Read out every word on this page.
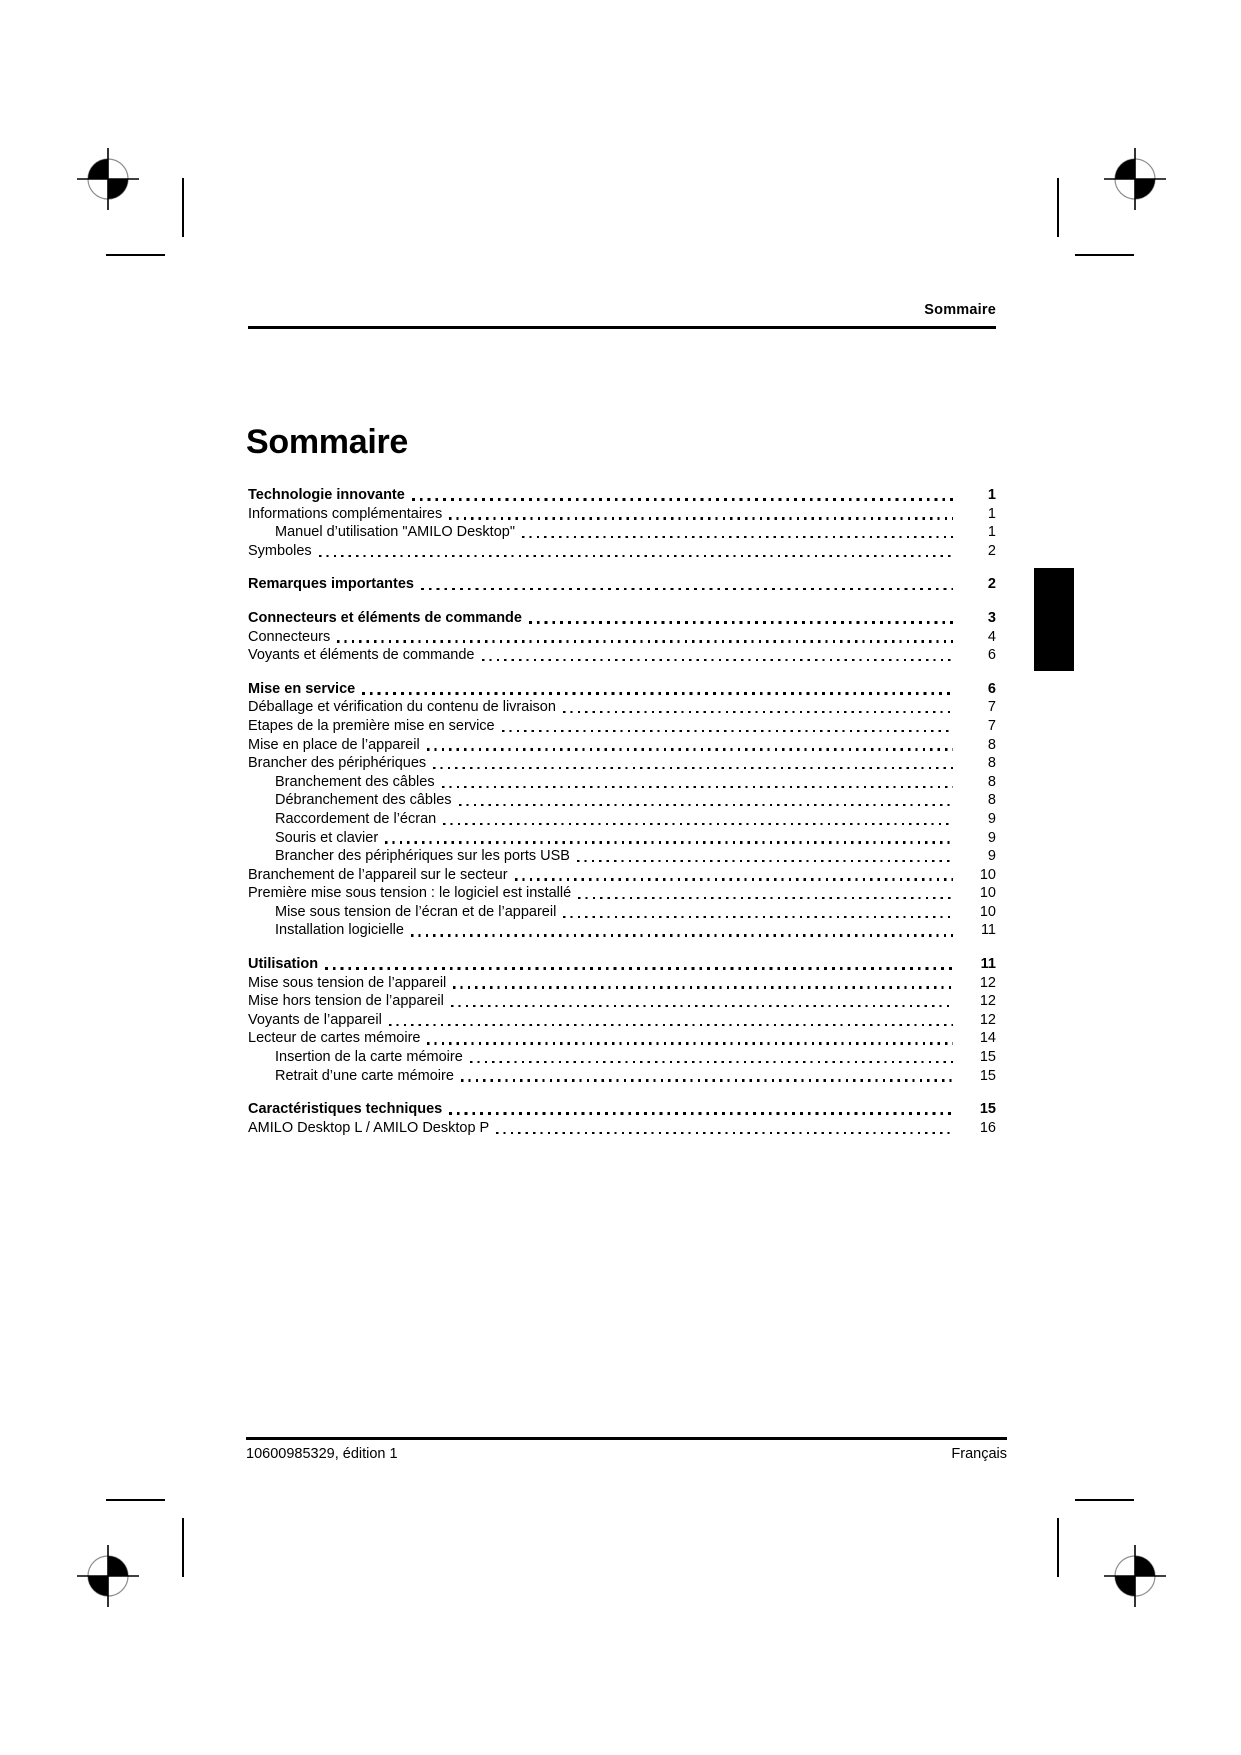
Sommaire
Sommaire
Technologie innovante	1
Informations complémentaires	1
Manuel d’utilisation "AMILO Desktop"	1
Symboles	2
Remarques importantes	2
Connecteurs et éléments de commande	3
Connecteurs	4
Voyants et éléments de commande	6
Mise en service	6
Déballage et vérification du contenu de livraison	7
Etapes de la première mise en service	7
Mise en place de l’appareil	8
Brancher des périphériques	8
Branchement des câbles	8
Débranchement des câbles	8
Raccordement de l’écran	9
Souris et clavier	9
Brancher des périphériques sur les ports USB	9
Branchement de l’appareil sur le secteur	10
Première mise sous tension : le logiciel est installé	10
Mise sous tension de l’écran et de l’appareil	10
Installation logicielle	11
Utilisation	11
Mise sous tension de l’appareil	12
Mise hors tension de l’appareil	12
Voyants de l’appareil	12
Lecteur de cartes mémoire	14
Insertion de la carte mémoire	15
Retrait d’une carte mémoire	15
Caractéristiques techniques	15
AMILO Desktop L / AMILO Desktop P	16
10600985329, édition 1	Français
